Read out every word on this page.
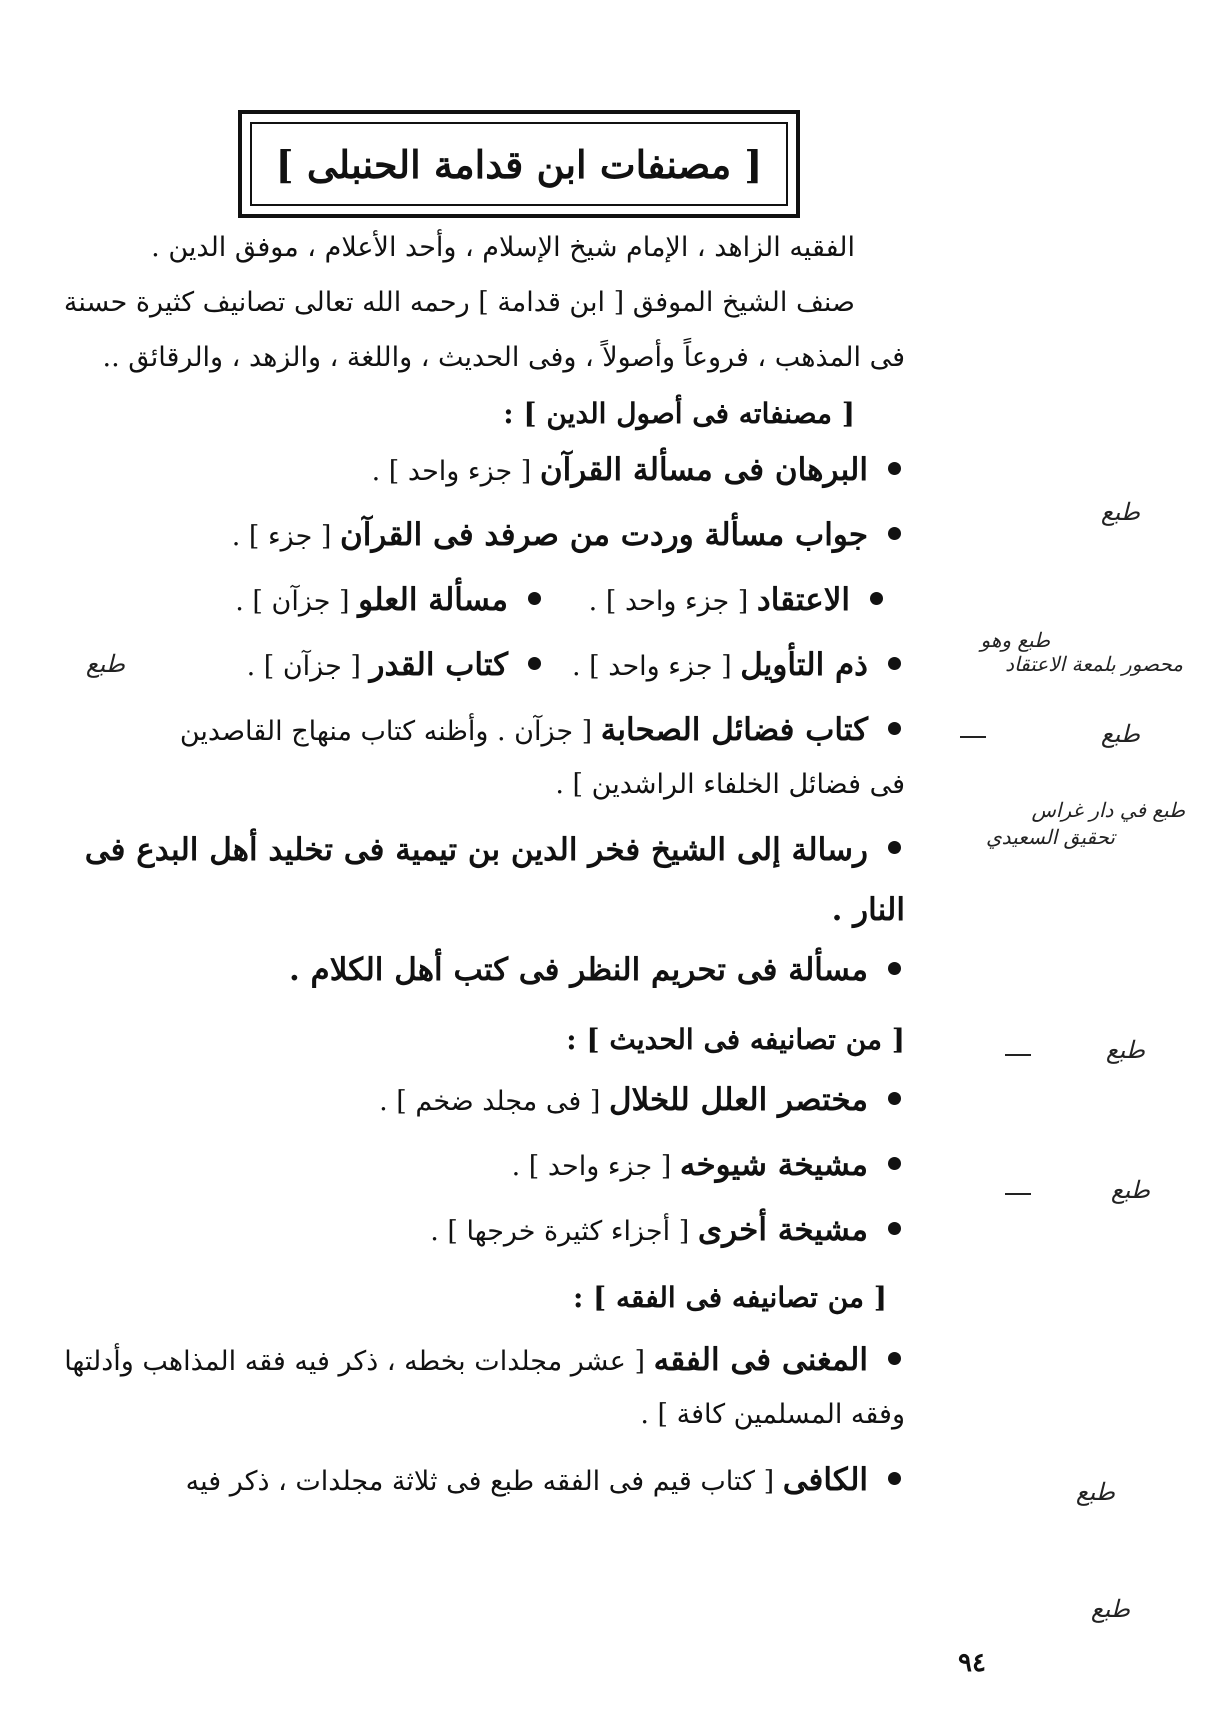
[ مصنفات ابن قدامة الحنبلى ]
الفقيه الزاهد ، الإمام شيخ الإسلام ، وأحد الأعلام ، موفق الدين .
صنف الشيخ الموفق [ ابن قدامة ] رحمه الله تعالى تصانيف كثيرة حسنة
فى المذهب ، فروعاً وأصولاً ، وفى الحديث ، واللغة ، والزهد ، والرقائق ..
[ مصنفاته فى أصول الدين ] :
البرهان فى مسألة القرآن [ جزء واحد ] .
جواب مسألة وردت من صرفد فى القرآن [ جزء ] .
الاعتقاد [ جزء واحد ] .
مسألة العلو [ جزآن ] .
ذم التأويل [ جزء واحد ] .
كتاب القدر [ جزآن ] .
كتاب فضائل الصحابة [ جزآن . وأظنه كتاب منهاج القاصدين
فى فضائل الخلفاء الراشدين ] .
رسالة إلى الشيخ فخر الدين بن تيمية فى تخليد أهل البدع فى
النار .
مسألة فى تحريم النظر فى كتب أهل الكلام .
[ من تصانيفه فى الحديث ] :
مختصر العلل للخلال [ فى مجلد ضخم ] .
مشيخة شيوخه [ جزء واحد ] .
مشيخة أخرى [ أجزاء كثيرة خرجها ] .
[ من تصانيفه فى الفقه ] :
المغنى فى الفقه [ عشر مجلدات بخطه ، ذكر فيه فقه المذاهب وأدلتها
وفقه المسلمين كافة ] .
الكافى [ كتاب قيم فى الفقه طبع فى ثلاثة مجلدات ، ذكر فيه
طبع
طبع وهو
محصور بلمعة الاعتقاد
طبع
طبع
طبع في دار غراس
تحقيق السعيدي
طبع
طبع
طبع
طبع
٩٤
